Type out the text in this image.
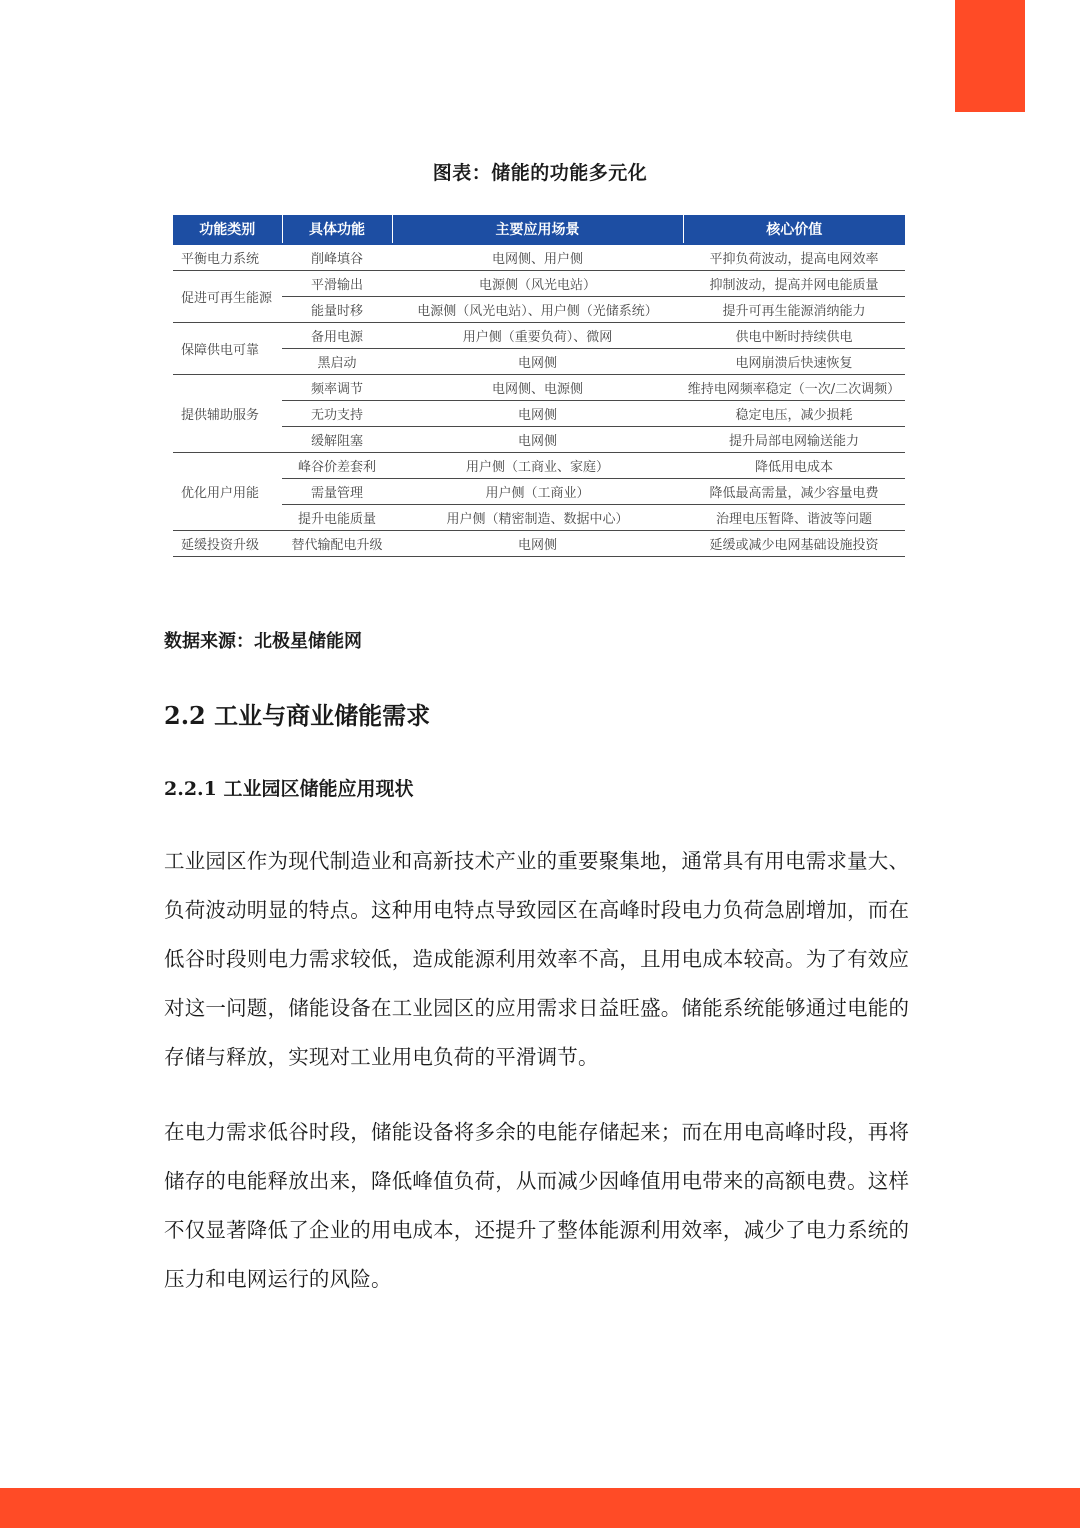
图表：储能的功能多元化
功能类别	具体功能	主要应用场景	核心价值
平衡电力系统	削峰填谷	电网侧、用户侧	平抑负荷波动，提高电网效率
促进可再生能源	平滑输出	电源侧（风光电站）	抑制波动，提高并网电能质量
	能量时移	电源侧（风光电站）、用户侧（光储系统）	提升可再生能源消纳能力
保障供电可靠	备用电源	用户侧（重要负荷）、微网	供电中断时持续供电
	黑启动	电网侧	电网崩溃后快速恢复
提供辅助服务	频率调节	电网侧、电源侧	维持电网频率稳定（一次/二次调频）
	无功支持	电网侧	稳定电压，减少损耗
	缓解阻塞	电网侧	提升局部电网输送能力
优化用户用能	峰谷价差套利	用户侧（工商业、家庭）	降低用电成本
	需量管理	用户侧（工商业）	降低最高需量，减少容量电费
	提升电能质量	用户侧（精密制造、数据中心）	治理电压暂降、谐波等问题
延缓投资升级	替代输配电升级	电网侧	延缓或减少电网基础设施投资
数据来源：北极星储能网
2.2 工业与商业储能需求
2.2.1 工业园区储能应用现状

工业园区作为现代制造业和高新技术产业的重要聚集地，通常具有用电需求量大、负荷波动明显的特点。这种用电特点导致园区在高峰时段电力负荷急剧增加，而在低谷时段则电力需求较低，造成能源利用效率不高，且用电成本较高。为了有效应对这一问题，储能设备在工业园区的应用需求日益旺盛。储能系统能够通过电能的存储与释放，实现对工业用电负荷的平滑调节。

在电力需求低谷时段，储能设备将多余的电能存储起来；而在用电高峰时段，再将储存的电能释放出来，降低峰值负荷，从而减少因峰值用电带来的高额电费。这样不仅显著降低了企业的用电成本，还提升了整体能源利用效率，减少了电力系统的压力和电网运行的风险。
